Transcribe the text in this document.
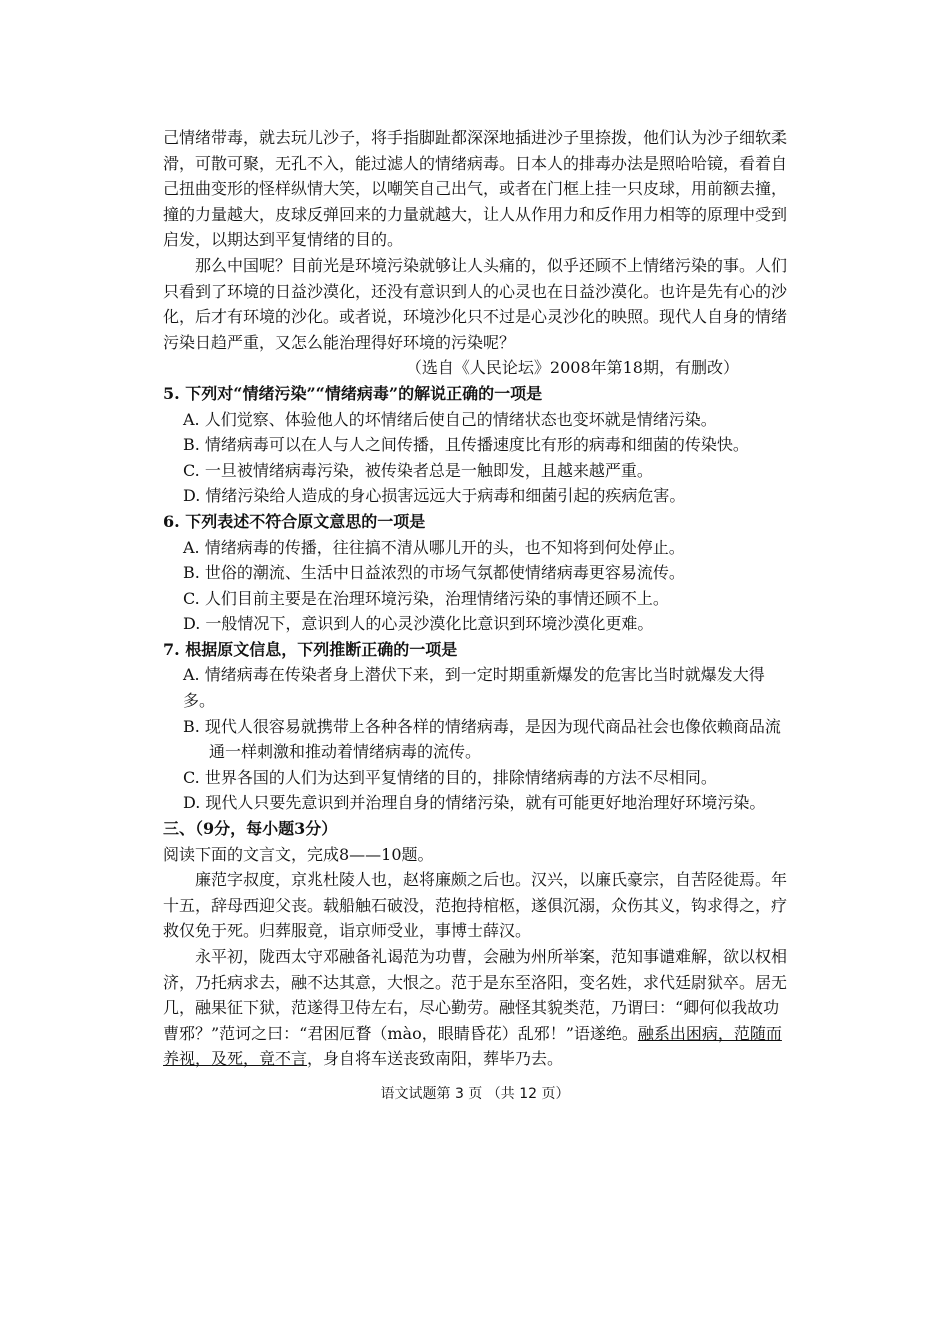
己情绪带毒，就去玩儿沙子，将手指脚趾都深深地插进沙子里捺拨，他们认为沙子细软柔滑，可散可聚，无孔不入，能过滤人的情绪病毒。日本人的排毒办法是照哈哈镜，看着自己扭曲变形的怪样纵情大笑，以嘲笑自己出气，或者在门框上挂一只皮球，用前额去撞，撞的力量越大，皮球反弹回来的力量就越大，让人从作用力和反作用力相等的原理中受到启发，以期达到平复情绪的目的。

那么中国呢？目前光是环境污染就够让人头痛的，似乎还顾不上情绪污染的事。人们只看到了环境的日益沙漠化，还没有意识到人的心灵也在日益沙漠化。也许是先有心的沙化，后才有环境的沙化。或者说，环境沙化只不过是心灵沙化的映照。现代人自身的情绪污染日趋严重，又怎么能治理得好环境的污染呢？

（选自《人民论坛》2008年第18期，有删改）

5. 下列对“情绪污染”“情绪病毒”的解说正确的一项是

A. 人们觉察、体验他人的坏情绪后使自己的情绪状态也变坏就是情绪污染。

B. 情绪病毒可以在人与人之间传播，且传播速度比有形的病毒和细菌的传染快。

C. 一旦被情绪病毒污染，被传染者总是一触即发，且越来越严重。

D. 情绪污染给人造成的身心损害远远大于病毒和细菌引起的疾病危害。

6. 下列表述不符合原文意思的一项是

A. 情绪病毒的传播，往往搞不清从哪儿开的头，也不知将到何处停止。

B. 世俗的潮流、生活中日益浓烈的市场气氛都使情绪病毒更容易流传。

C. 人们目前主要是在治理环境污染，治理情绪污染的事情还顾不上。

D. 一般情况下，意识到人的心灵沙漠化比意识到环境沙漠化更难。

7. 根据原文信息，下列推断正确的一项是

A. 情绪病毒在传染者身上潜伏下来，到一定时期重新爆发的危害比当时就爆发大得多。

B. 现代人很容易就携带上各种各样的情绪病毒，是因为现代商品社会也像依赖商品流

通一样刺激和推动着情绪病毒的流传。

C. 世界各国的人们为达到平复情绪的目的，排除情绪病毒的方法不尽相同。

D. 现代人只要先意识到并治理自身的情绪污染，就有可能更好地治理好环境污染。

三、（9分，每小题3分）

阅读下面的文言文，完成8——10题。

廉范字叔度，京兆杜陵人也，赵将廉颇之后也。汉兴，以廉氏豪宗，自苦陉徙焉。年十五，辞母西迎父丧。载船触石破没，范抱持棺柩，遂俱沉溺，众伤其义，钩求得之，疗救仅免于死。归葬服竟，诣京师受业，事博士薛汉。

永平初，陇西太守邓融备礼谒范为功曹，会融为州所举案，范知事谴难解，欲以权相济，乃托病求去，融不达其意，大恨之。范于是东至洛阳，变名姓，求代廷尉狱卒。居无几，融果征下狱，范遂得卫侍左右，尽心勤劳。融怪其貌类范，乃谓曰：“卿何似我故功曹邪？”范诃之曰：“君困厄瞀（mào，眼睛昏花）乱邪！”语遂绝。融系出困病，范随而养视，及死，竟不言，身自将车送丧致南阳，葬毕乃去。

语文试题第 3 页 （共 12 页）
